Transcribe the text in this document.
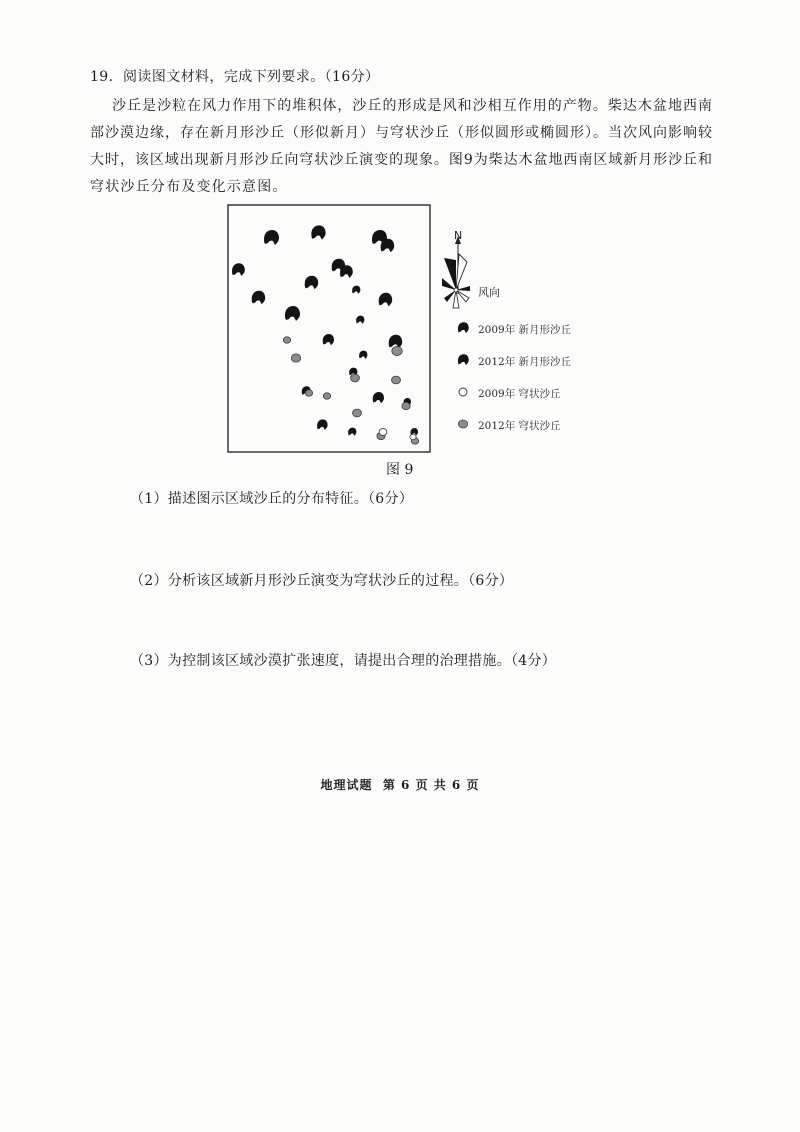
19．阅读图文材料，完成下列要求。（16分）
沙丘是沙粒在风力作用下的堆积体，沙丘的形成是风和沙相互作用的产物。柴达木盆地西南
部沙漠边缘，存在新月形沙丘（形似新月）与穹状沙丘（形似圆形或椭圆形）。当次风向影响较
大时，该区域出现新月形沙丘向穹状沙丘演变的现象。图9为柴达木盆地西南区域新月形沙丘和
穹状沙丘分布及变化示意图。
N
风向
2009年 新月形沙丘
2012年 新月形沙丘
2009年 穹状沙丘
2012年 穹状沙丘
图 9
（1）描述图示区域沙丘的分布特征。（6分）
（2）分析该区域新月形沙丘演变为穹状沙丘的过程。（6分）
（3）为控制该区域沙漠扩张速度，请提出合理的治理措施。（4分）
地理试题  第 6 页 共 6 页
